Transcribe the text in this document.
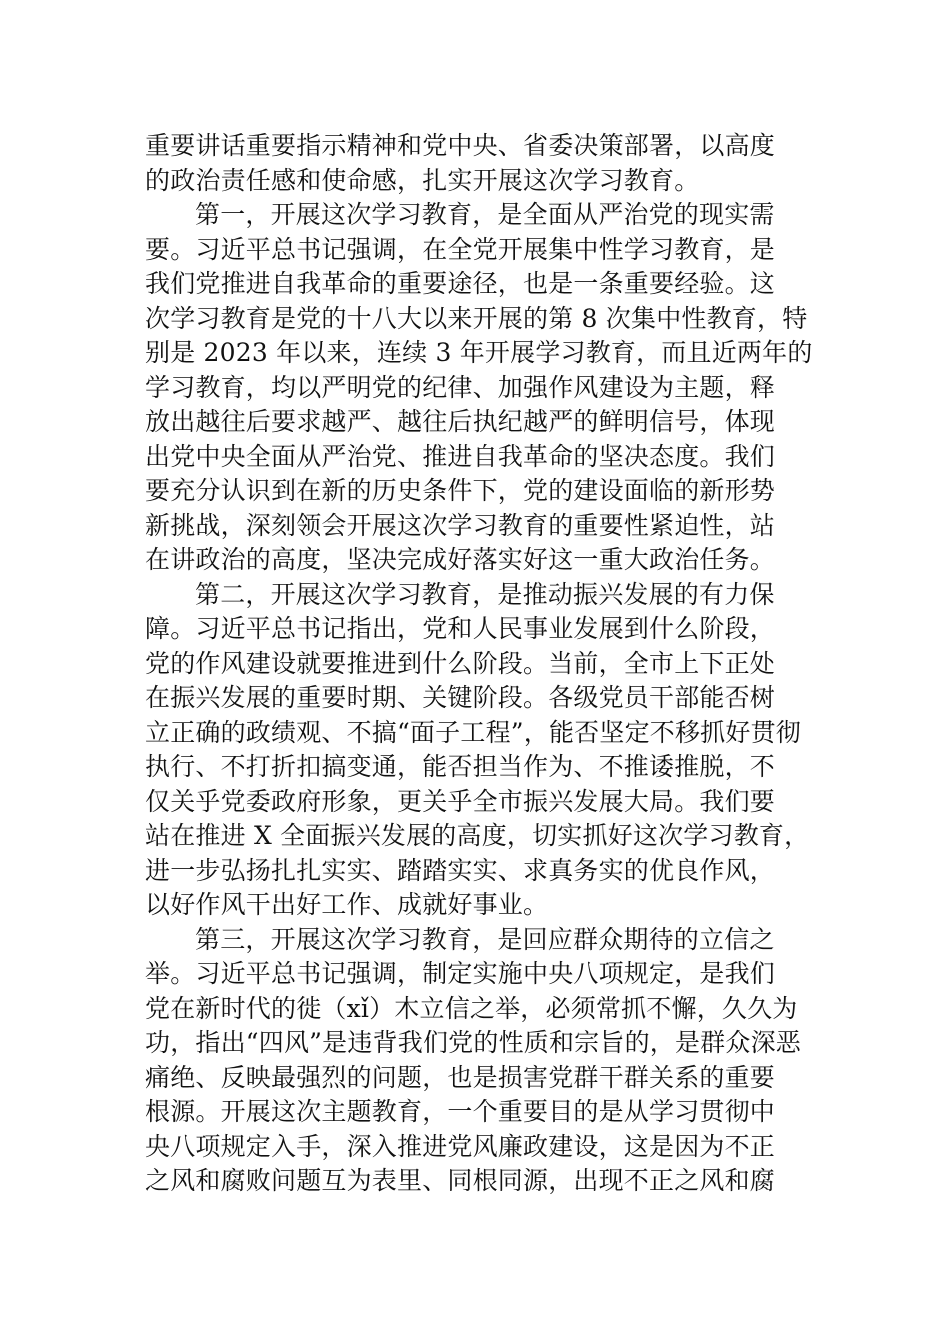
重要讲话重要指示精神和党中央、省委决策部署，以高度
的政治责任感和使命感，扎实开展这次学习教育。
第一，开展这次学习教育，是全面从严治党的现实需
要。习近平总书记强调，在全党开展集中性学习教育，是
我们党推进自我革命的重要途径，也是一条重要经验。这
次学习教育是党的十八大以来开展的第 8 次集中性教育，特
别是 2023 年以来，连续 3 年开展学习教育，而且近两年的
学习教育，均以严明党的纪律、加强作风建设为主题，释
放出越往后要求越严、越往后执纪越严的鲜明信号，体现
出党中央全面从严治党、推进自我革命的坚决态度。我们
要充分认识到在新的历史条件下，党的建设面临的新形势
新挑战，深刻领会开展这次学习教育的重要性紧迫性，站
在讲政治的高度，坚决完成好落实好这一重大政治任务。
第二，开展这次学习教育，是推动振兴发展的有力保
障。习近平总书记指出，党和人民事业发展到什么阶段，
党的作风建设就要推进到什么阶段。当前，全市上下正处
在振兴发展的重要时期、关键阶段。各级党员干部能否树
立正确的政绩观、不搞“面子工程”，能否坚定不移抓好贯彻
执行、不打折扣搞变通，能否担当作为、不推诿推脱，不
仅关乎党委政府形象，更关乎全市振兴发展大局。我们要
站在推进 X 全面振兴发展的高度，切实抓好这次学习教育，
进一步弘扬扎扎实实、踏踏实实、求真务实的优良作风，
以好作风干出好工作、成就好事业。
第三，开展这次学习教育，是回应群众期待的立信之
举。习近平总书记强调，制定实施中央八项规定，是我们
党在新时代的徙（xǐ）木立信之举，必须常抓不懈，久久为
功，指出“四风”是违背我们党的性质和宗旨的，是群众深恶
痛绝、反映最强烈的问题，也是损害党群干群关系的重要
根源。开展这次主题教育，一个重要目的是从学习贯彻中
央八项规定入手，深入推进党风廉政建设，这是因为不正
之风和腐败问题互为表里、同根同源，出现不正之风和腐
